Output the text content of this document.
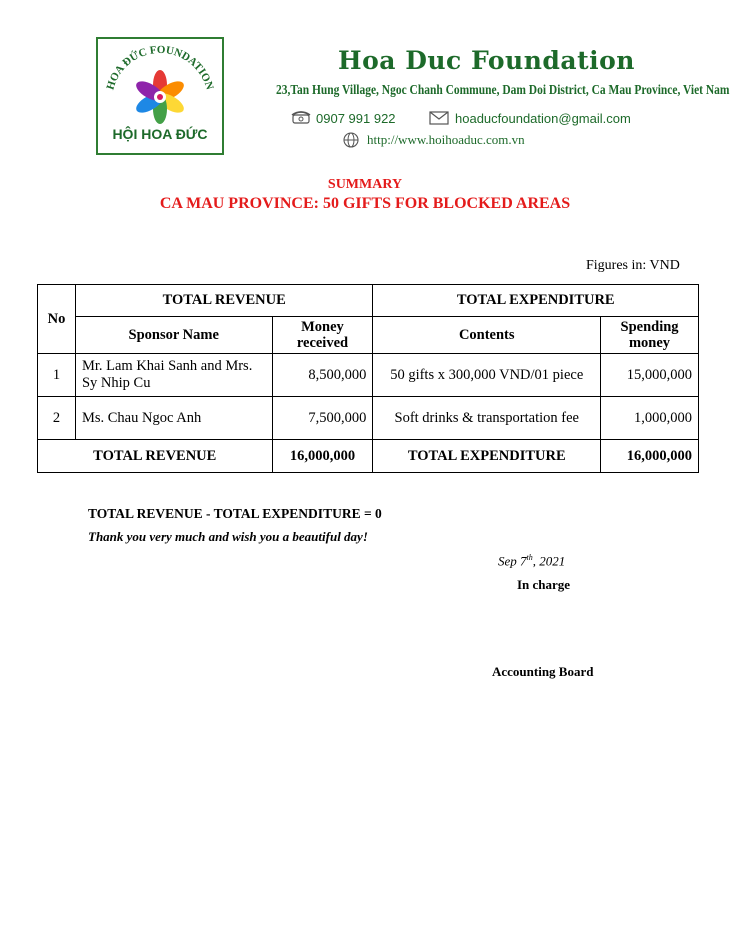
HOA ĐỨC FOUNDATION
HỘI HOA ĐỨC
Hoa Duc Foundation
23,Tan Hung Village, Ngoc Chanh Commune, Dam Doi District, Ca Mau Province, Viet Nam
0907 991 922	hoaducfoundation@gmail.com
http://www.hoihoaduc.com.vn
SUMMARY
CA MAU PROVINCE: 50 GIFTS FOR BLOCKED AREAS
Figures in: VND
No	TOTAL REVENUE		TOTAL EXPENDITURE	
	Sponsor Name	Money received	Contents	Spending money
1	Mr. Lam Khai Sanh and Mrs. Sy Nhip Cu	8,500,000	50 gifts x 300,000 VND/01 piece	15,000,000
2	Ms. Chau Ngoc Anh	7,500,000	Soft drinks & transportation fee	1,000,000
TOTAL REVENUE		16,000,000	TOTAL EXPENDITURE	16,000,000
TOTAL REVENUE - TOTAL EXPENDITURE = 0
Thank you very much and wish you a beautiful day!
Sep 7th, 2021
In charge
Accounting Board
